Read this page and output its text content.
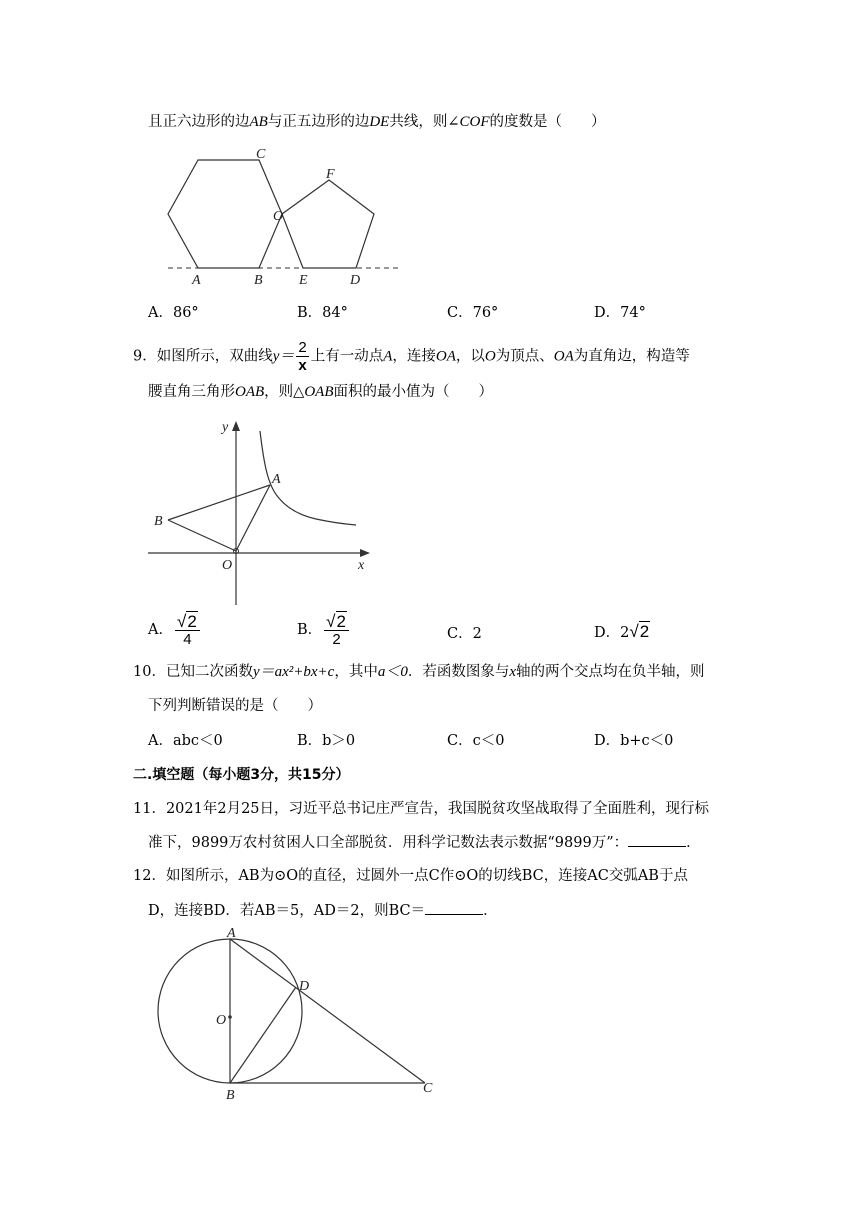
且正六边形的边AB与正五边形的边DE共线，则∠COF的度数是（　　）
C
F
O
A	B	E	D
A．86°	B．84°	C．76°	D．74°
9．如图所示，双曲线$y= \frac{2}{x}$ 上有一动点A，连接OA，以O为顶点、OA为直角边，构造等
腰直角三角形OAB，则△OAB面积的最小值为（　　）
y
A
B
O	x
A． $\frac{√2}{4}$	B． $\frac{√2}{2}$	C．2	D．2√2
10．已知二次函数y＝ax²+bx+c，其中a＜0．若函数图象与x轴的两个交点均在负半轴，则
下列判断错误的是（　　）
A．abc＜0	B．b＞0	C．c＜0	D．b+c＜0
二.填空题（每小题3分，共15分）
11．2021年2月25日，习近平总书记庄严宣告，我国脱贫攻坚战取得了全面胜利，现行标
准下，9899万农村贫困人口全部脱贫．用科学记数法表示数据“9899万”：	．
12．如图所示，AB为⊙O的直径，过圆外一点C作⊙O的切线BC，连接AC交弧AB于点
D，连接BD．若AB＝5，AD＝2，则BC＝	．
A
D
O
B	C
